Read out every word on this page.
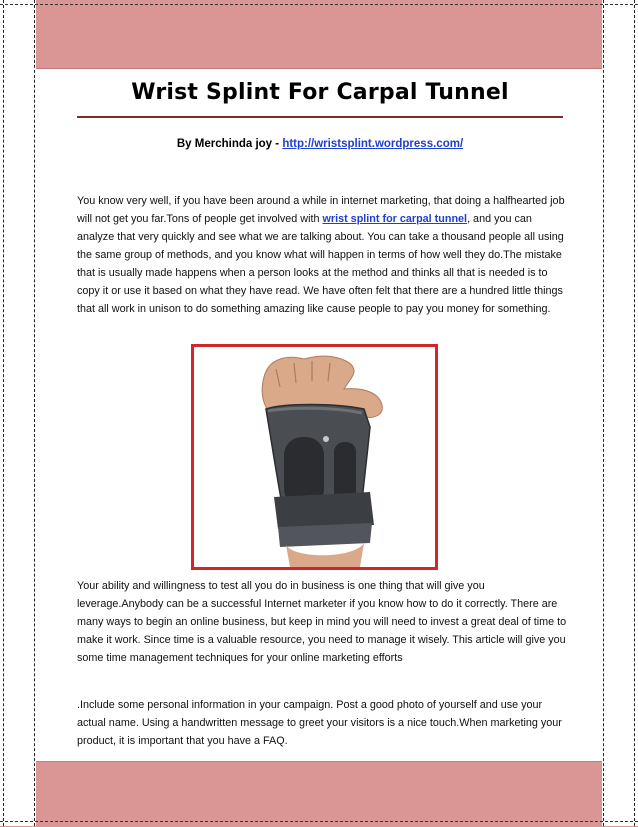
Wrist Splint For Carpal Tunnel
By Merchinda joy - http://wristsplint.wordpress.com/

You know very well, if you have been around a while in internet marketing, that doing a halfhearted job will not get you far.Tons of people get involved with wrist splint for carpal tunnel, and you can analyze that very quickly and see what we are talking about. You can take a thousand people all using the same group of methods, and you know what will happen in terms of how well they do.The mistake that is usually made happens when a person looks at the method and thinks all that is needed is to copy it or use it based on what they have read. We have often felt that there are a hundred little things that all work in unison to do something amazing like cause people to pay you money for something.

Your ability and willingness to test all you do in business is one thing that will give you leverage.Anybody can be a successful Internet marketer if you know how to do it correctly. There are many ways to begin an online business, but keep in mind you will need to invest a great deal of time to make it work. Since time is a valuable resource, you need to manage it wisely. This article will give you some time management techniques for your online marketing efforts

.Include some personal information in your campaign. Post a good photo of yourself and use your actual name. Using a handwritten message to greet your visitors is a nice touch.When marketing your product, it is important that you have a FAQ.
